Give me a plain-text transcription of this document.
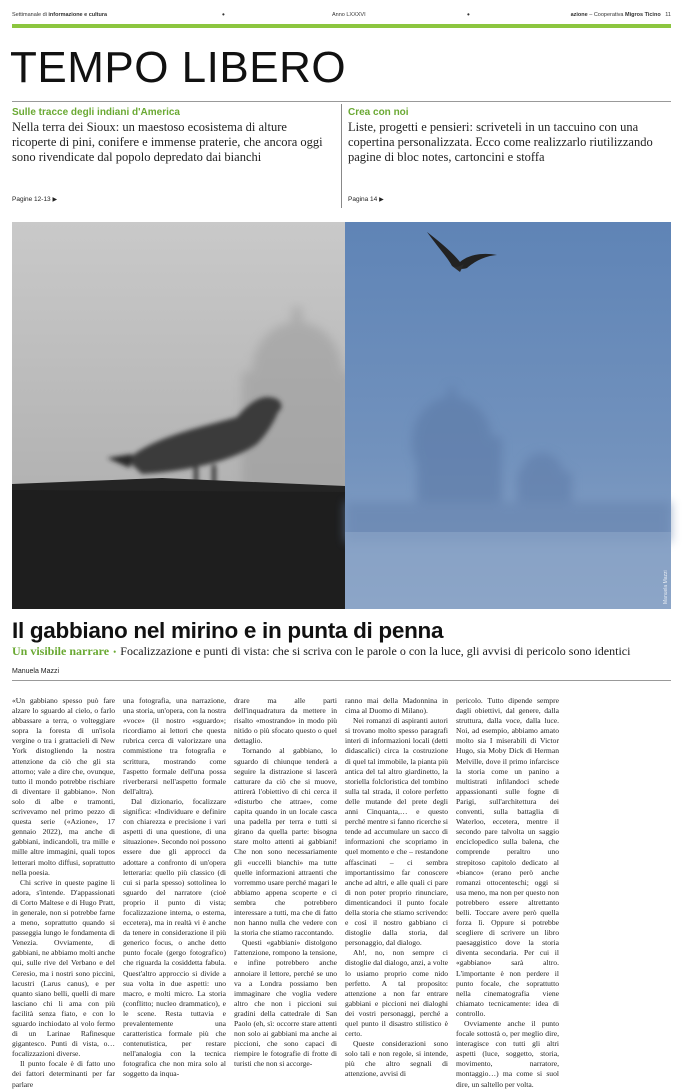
Settimanale di informazione e cultura	•	Anno LXXXVI	•	azione – Cooperativa Migros Ticino 11
TEMPO LIBERO
Sulle tracce degli indiani d'America

Nella terra dei Sioux: un maestoso ecosistema di alture ricoperte di pini, conifere e immense praterie, che ancora oggi sono rivendicate dal popolo depredato dai bianchi

Crea con noi

Liste, progetti e pensieri: scriveteli in un taccuino con una copertina personalizzata. Ecco come realizzarlo riutilizzando pagine di bloc notes, cartoncini e stoffa

Pagine 12-13 ▶	Pagina 14 ▶
Manuela Mazzi
Il gabbiano nel mirino e in punta di penna
Un visibile narrare • Focalizzazione e punti di vista: che si scriva con le parole o con la luce, gli avvisi di pericolo sono identici
Manuela Mazzi

«Un gabbiano spesso può fare alzare lo sguardo al cielo, o farlo abbassare a terra, o volteggiare sopra la foresta di un'isola vergine o tra i grattacieli di New York distogliendo la nostra attenzione da ciò che gli sta attorno; vale a dire che, ovunque, tutto il mondo potrebbe rischiare di diventare il gabbiano». Non solo di albe e tramonti, scrivevamo nel primo pezzo di questa serie («Azione», 17 gennaio 2022), ma anche di gabbiani, indicandoli, tra mille e mille altre immagini, quali topos letterari molto diffusi, soprattutto nella poesia.

Chi scrive in queste pagine li adora, s'intende. D'appassionati di Corto Maltese e di Hugo Pratt, in generale, non si potrebbe farne a meno, soprattutto quando si passeggia lungo le fondamenta di Venezia. Ovviamente, di gabbiani, ne abbiamo molti anche qui, sulle rive del Verbano e del Ceresio, ma i nostri sono piccini, lacustri (Larus canus), e per quanto siano belli, quelli di mare lasciano chi li ama con più facilità senza fiato, e con lo sguardo inchiodato al volo fermo di un Larinae Rafinesque gigantesco. Punti di vista, o… focalizzazioni diverse.

Il punto focale è di fatto uno dei fattori determinanti per far parlare

una fotografia, una narrazione, una storia, un'opera, con la nostra «voce» (il nostro «sguardo»; ricordiamo ai lettori che questa rubrica cerca di valorizzare una commistione tra fotografia e scrittura, mostrando come l'aspetto formale dell'una possa riverberarsi nell'aspetto formale dell'altra).

Dal dizionario, focalizzare significa: «Individuare e definire con chiarezza e precisione i vari aspetti di una questione, di una situazione». Secondo noi possono essere due gli approcci da adottare a confronto di un'opera letteraria: quello più classico (di cui si parla spesso) sottolinea lo sguardo del narratore (cioè proprio il punto di vista; focalizzazione interna, o esterna, eccetera), ma in realtà vi è anche da tenere in considerazione il più generico focus, o anche detto punto focale (gergo fotografico) che riguarda la cosiddetta fabula. Quest'altro approccio si divide a sua volta in due aspetti: uno macro, e molti micro. La storia (conflitto; nucleo drammatico), e le scene. Resta tuttavia e prevalentemente una caratteristica formale più che contenutistica, per restare nell'analogia con la tecnica fotografica che non mira solo al soggetto da inqua-

drare ma alle parti dell'inquadratura da mettere in risalto «mostrando» in modo più nitido o più sfocato questo o quel dettaglio.

Tornando al gabbiano, lo sguardo di chiunque tenderà a seguire la distrazione si lascerà catturare da ciò che si muove, attirerà l'obiettivo di chi cerca il «disturbo che attrae», come capita quando in un locale casca una padella per terra e tutti si girano da quella parte: bisogna stare molto attenti ai gabbiani! Che non sono necessariamente gli «uccelli bianchi» ma tutte quelle informazioni attraenti che vorremmo usare perché magari le abbiamo appena scoperte e ci sembra che potrebbero interessare a tutti, ma che di fatto non hanno nulla che vedere con la storia che stiamo raccontando.

Questi «gabbiani» distolgono l'attenzione, rompono la tensione, e infine potrebbero anche annoiare il lettore, perché se uno va a Londra possiamo ben immaginare che voglia vedere altro che non i piccioni sui gradini della cattedrale di San Paolo (eh, sì: occorre stare attenti non solo ai gabbiani ma anche ai piccioni, che sono capaci di riempire le fotografie di frotte di turisti che non si accorge-

ranno mai della Madonnina in cima al Duomo di Milano).

Nei romanzi di aspiranti autori si trovano molto spesso paragrafi interi di informazioni locali (detti didascalici) circa la costruzione di quel tal immobile, la pianta più antica del tal altro giardinetto, la storiella folcloristica del tombino sulla tal strada, il colore perfetto delle mutande del prete degli anni Cinquanta,… e questo perché mentre si fanno ricerche si tende ad accumulare un sacco di informazioni che scopriamo in quel momento e che – restandone affascinati – ci sembra importantissimo far conoscere anche ad altri, e alle quali ci pare di non poter proprio rinunciare, dimenticandoci il punto focale della storia che stiamo scrivendo: e così il nostro gabbiano ci distoglie dalla storia, dal personaggio, dal dialogo.

Ah!, no, non sempre ci distoglie dal dialogo, anzi, a volte lo usiamo proprio come nido perfetto. A tal proposito: attenzione a non far entrare gabbiani e piccioni nei dialoghi dei vostri personaggi, perché a quel punto il disastro stilistico è certo.

Queste considerazioni sono solo tali e non regole, si intende, più che altro segnali di attenzione, avvisi di

pericolo. Tutto dipende sempre dagli obiettivi, dal genere, dalla struttura, dalla voce, dalla luce. Noi, ad esempio, abbiamo amato molto sia I miserabili di Victor Hugo, sia Moby Dick di Herman Melville, dove il primo infarcisce la storia come un panino a multistrati infilandoci schede appassionanti sulle fogne di Parigi, sull'architettura dei conventi, sulla battaglia di Waterloo, eccetera, mentre il secondo pare talvolta un saggio enciclopedico sulla balena, che comprende peraltro uno strepitoso capitolo dedicato al «bianco» (erano però anche romanzi ottocenteschi; oggi si usa meno, ma non per questo non potrebbero essere altrettanto belli. Toccare avere però quella forza lì. Oppure si potrebbe scegliere di scrivere un libro paesaggistico dove la storia diventa secondaria. Per cui il «gabbiano» sarà altro. L'importante è non perdere il punto focale, che soprattutto nella cinematografia viene chiamato tecnicamente: idea di controllo.

Ovviamente anche il punto focale sottostà o, per meglio dire, interagisce con tutti gli altri aspetti (luce, soggetto, storia, movimento, narratore, montaggio…) ma come si suol dire, un saltello per volta.
